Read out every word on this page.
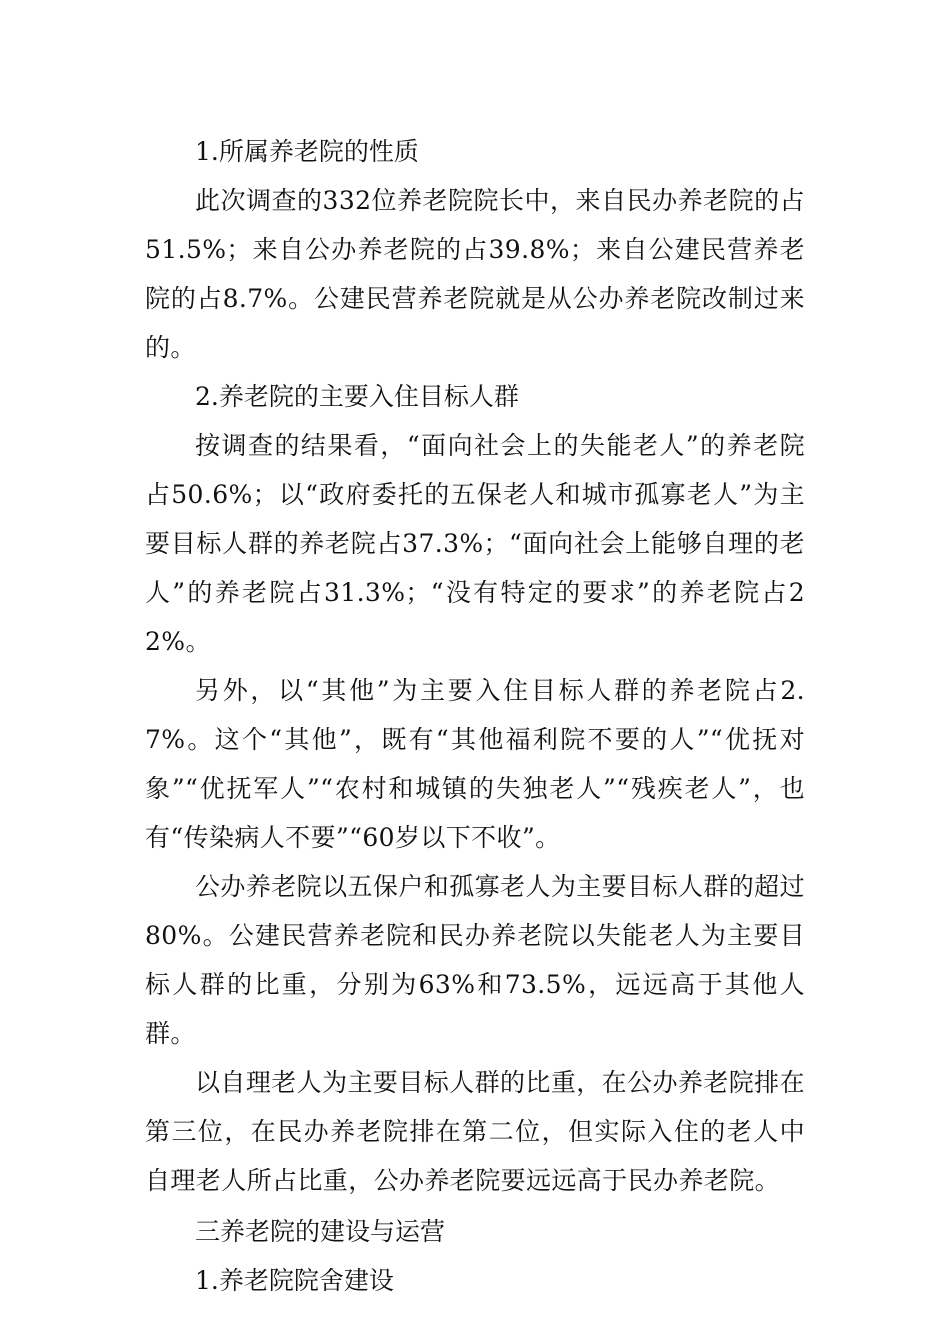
1.所属养老院的性质

此次调查的332位养老院院长中，来自民办养老院的占51.5%；来自公办养老院的占39.8%；来自公建民营养老院的占8.7%。公建民营养老院就是从公办养老院改制过来的。

2.养老院的主要入住目标人群

按调查的结果看，“面向社会上的失能老人”的养老院占50.6%；以“政府委托的五保老人和城市孤寡老人”为主要目标人群的养老院占37.3%；“面向社会上能够自理的老人”的养老院占31.3%；“没有特定的要求”的养老院占22%。

另外，以“其他”为主要入住目标人群的养老院占2.7%。这个“其他”，既有“其他福利院不要的人”“优抚对象”“优抚军人”“农村和城镇的失独老人”“残疾老人”，也有“传染病人不要”“60岁以下不收”。

公办养老院以五保户和孤寡老人为主要目标人群的超过80%。公建民营养老院和民办养老院以失能老人为主要目标人群的比重，分别为63%和73.5%，远远高于其他人群。

以自理老人为主要目标人群的比重，在公办养老院排在第三位，在民办养老院排在第二位，但实际入住的老人中自理老人所占比重，公办养老院要远远高于民办养老院。

三养老院的建设与运营

1.养老院院舍建设
